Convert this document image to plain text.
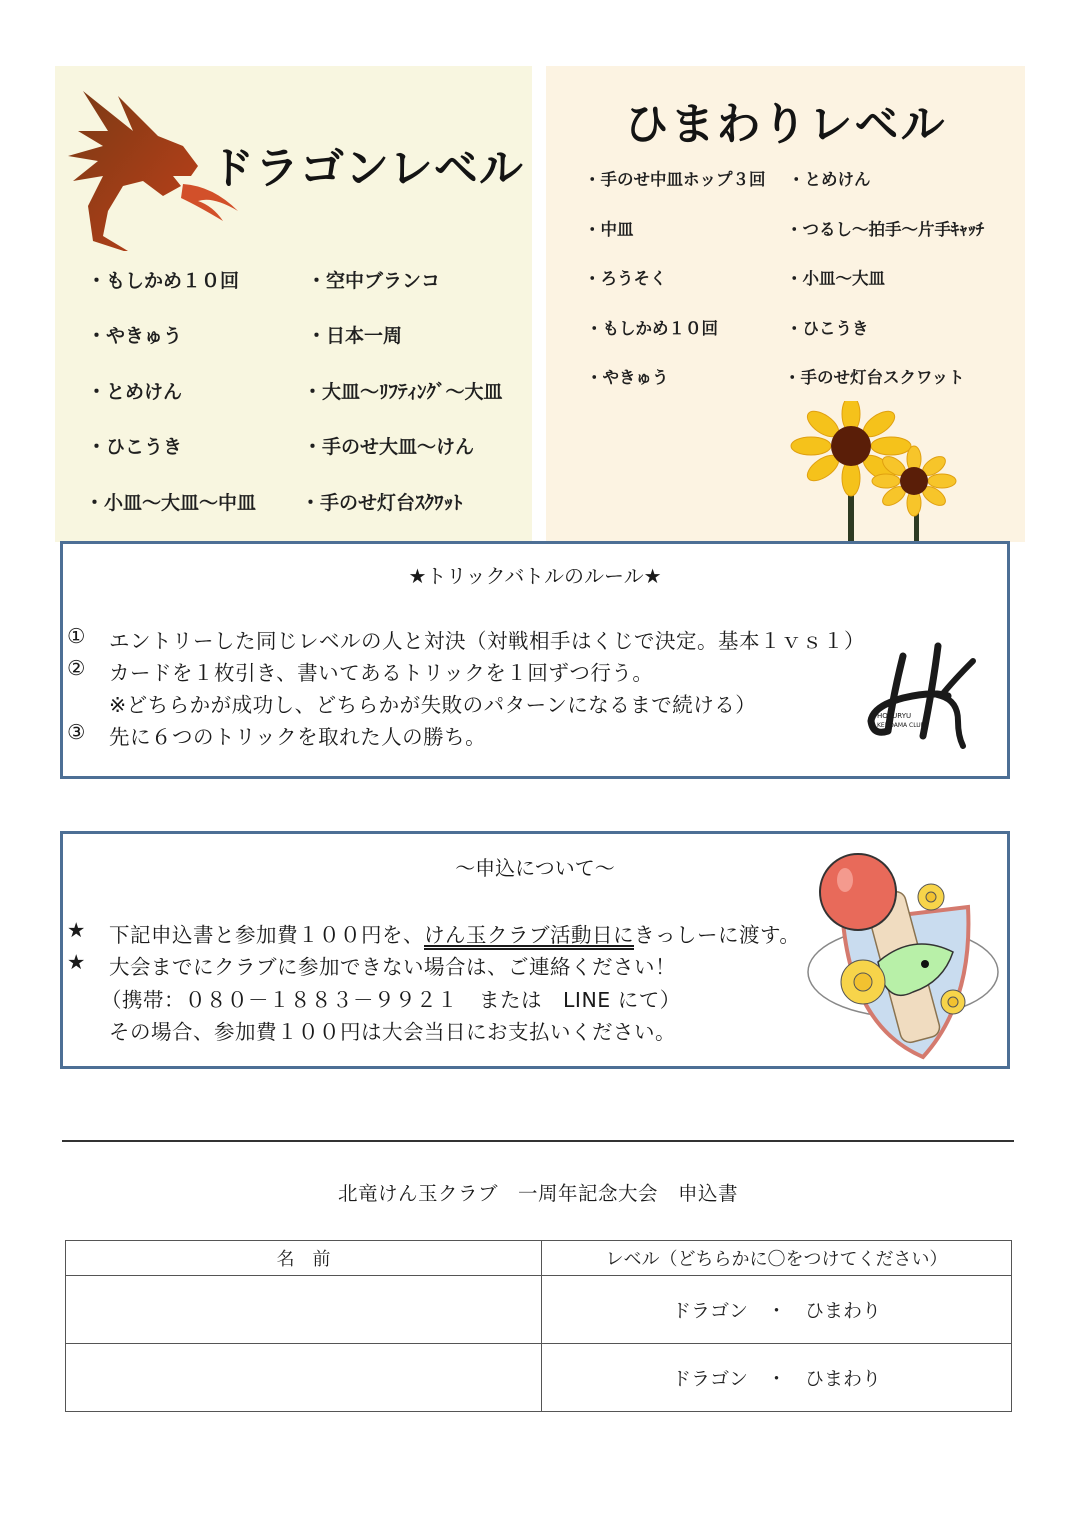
ドラゴンレベル
・もしかめ１０回
・やきゅう
・とめけん
・ひこうき
・小皿～大皿～中皿
・空中ブランコ
・日本一周
・大皿～ﾘﾌﾃｨﾝｸﾞ～大皿
・手のせ大皿～けん
・手のせ灯台ｽｸﾜｯﾄ
ひまわりレベル
・手のせ中皿ホップ３回
・中皿
・ろうそく
・もしかめ１０回
・やきゅう
・とめけん
・つるし～拍手～片手ｷｬｯﾁ
・小皿～大皿
・ひこうき
・手のせ灯台スクワット
★トリックバトルのルール★
① エントリーした同じレベルの人と対決（対戦相手はくじで決定。基本１ｖｓ１）
② カードを１枚引き、書いてあるトリックを１回ずつ行う。
※どちらかが成功し、どちらかが失敗のパターンになるまで続ける）
③ 先に６つのトリックを取れた人の勝ち。
HOKURYU
KENDAMA CLUB
～申込について～
★ 下記申込書と参加費１００円を、けん玉クラブ活動日にきっしーに渡す。
★ 大会までにクラブに参加できない場合は、ご連絡ください！
（携帯：０８０－１８８３－９９２１　または　LINE にて）
その場合、参加費１００円は大会当日にお支払いください。
北竜けん玉クラブ　一周年記念大会　申込書
名　前	レベル（どちらかに〇をつけてください）
	ドラゴン　・　ひまわり
	ドラゴン　・　ひまわり
